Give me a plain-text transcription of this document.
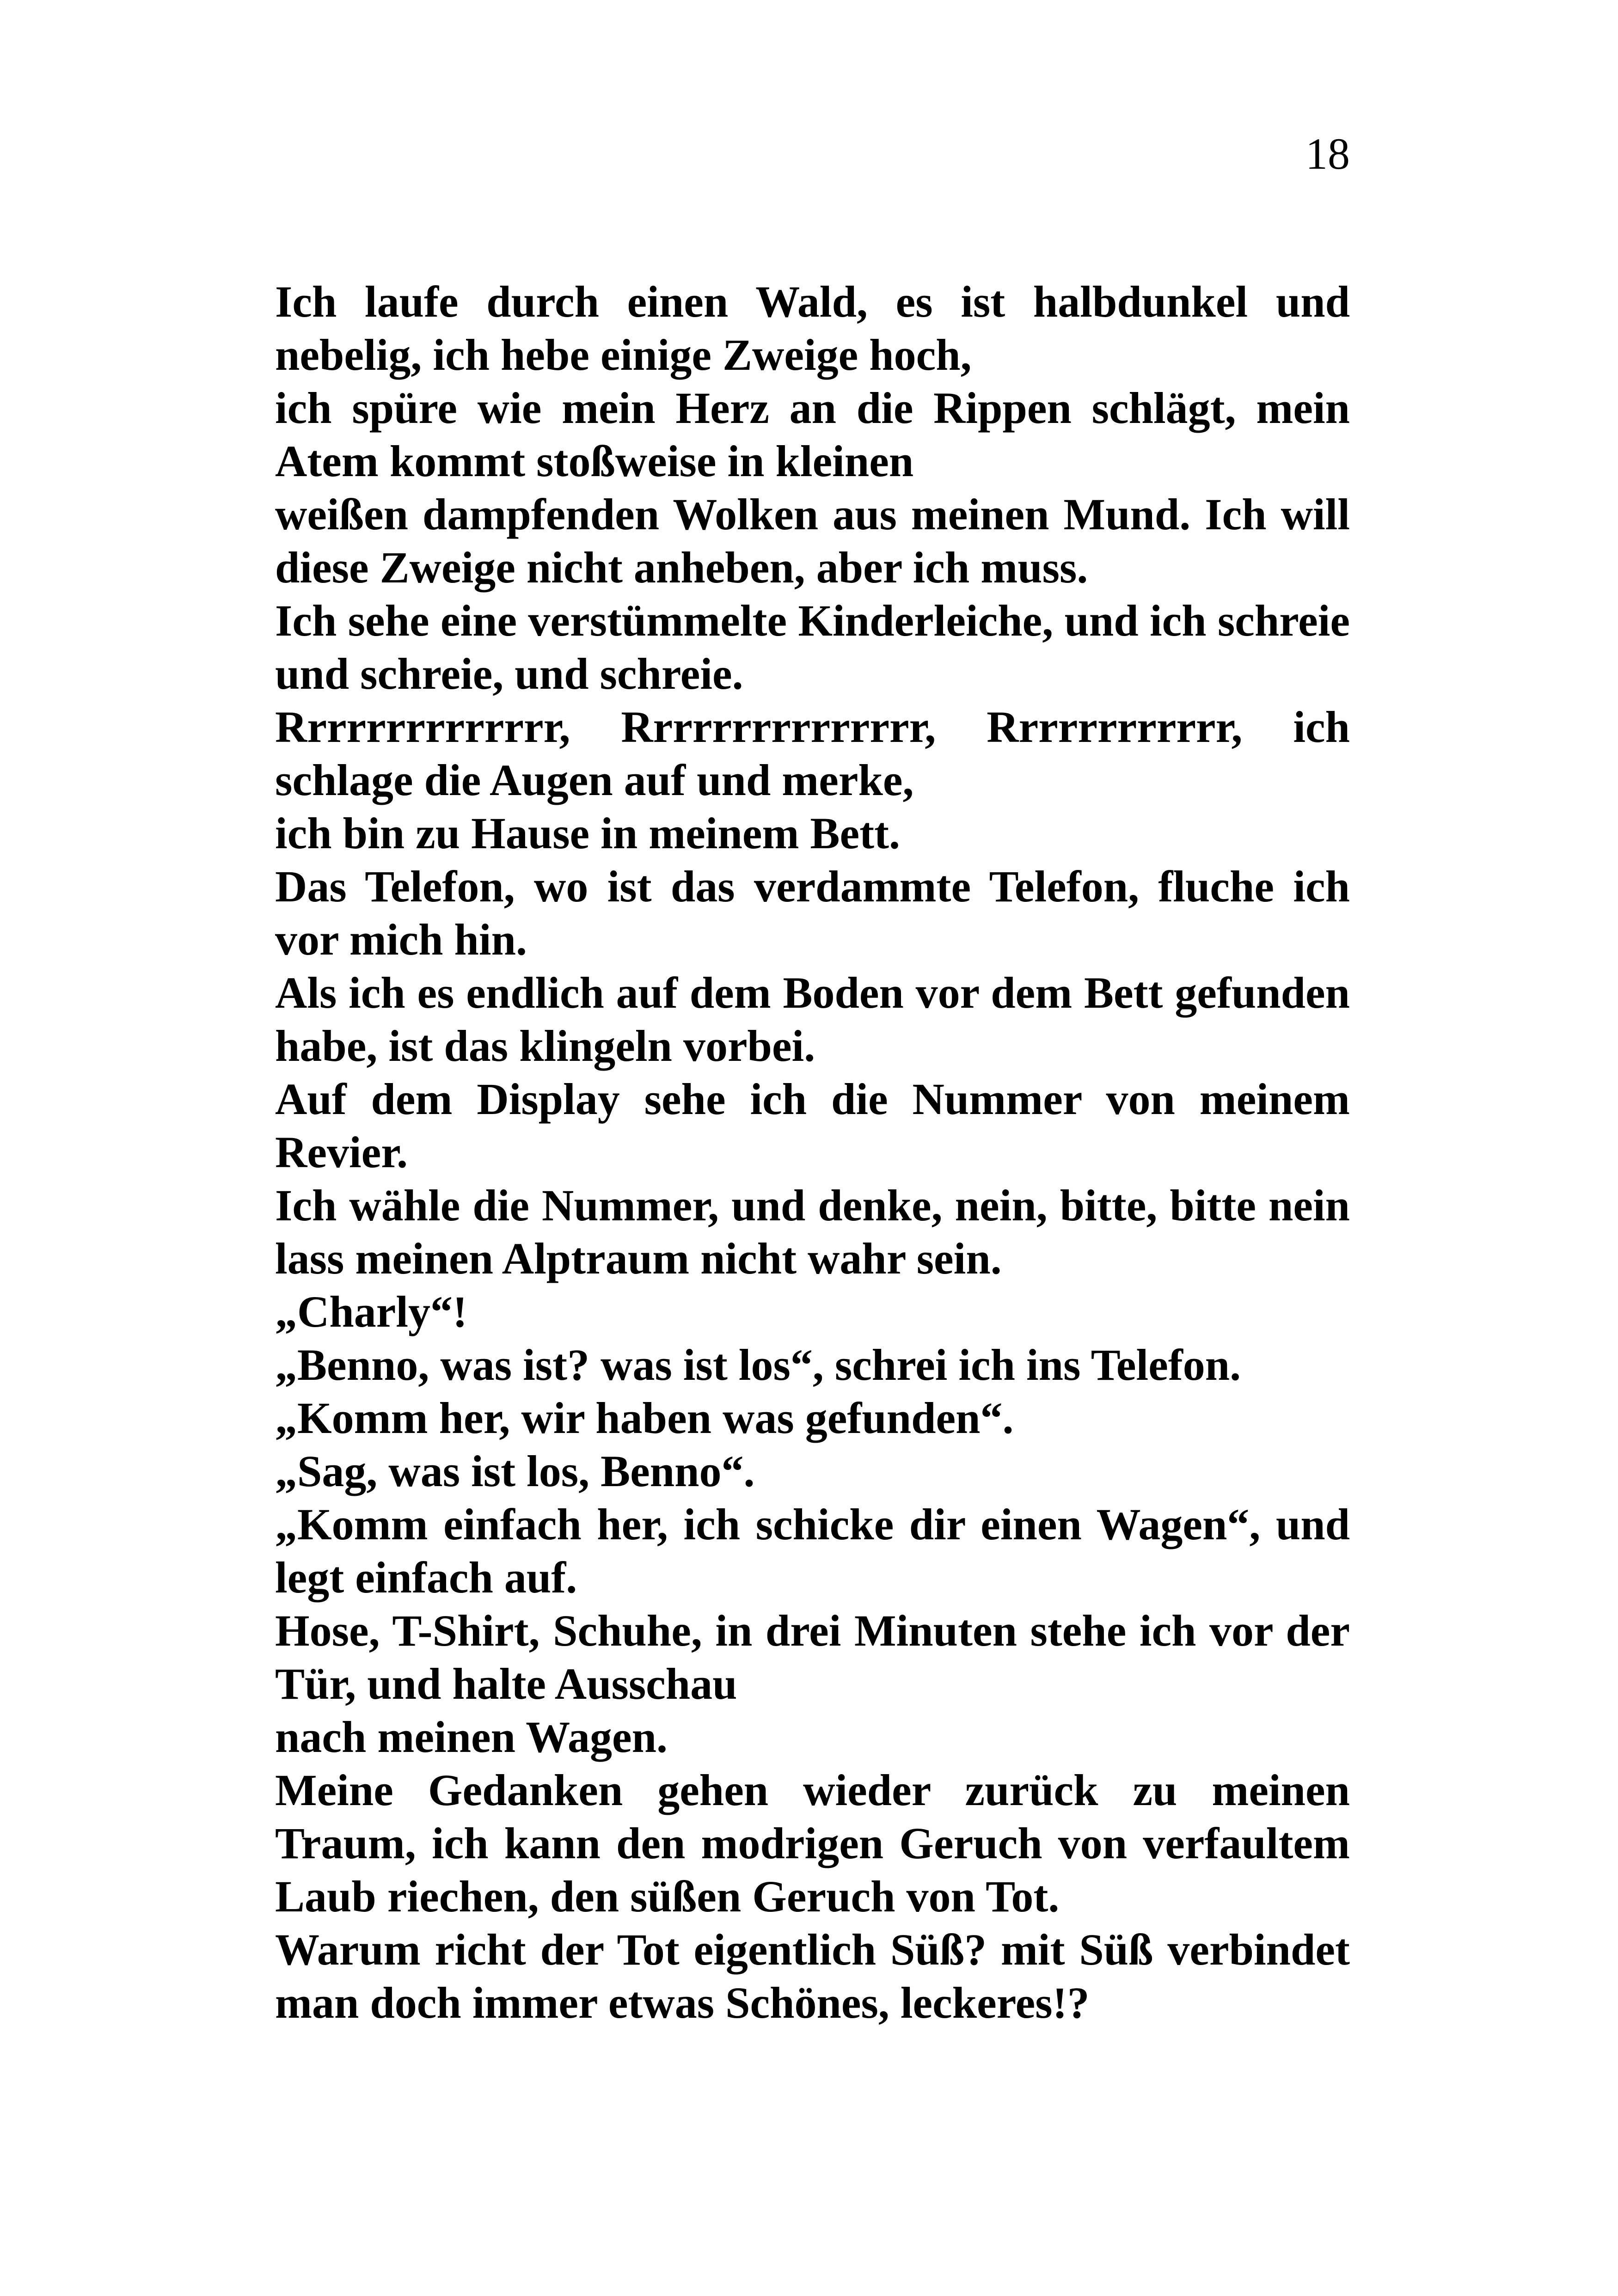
18

Ich laufe durch einen Wald, es ist halbdunkel und nebelig, ich hebe einige Zweige hoch,

ich spüre wie mein Herz an die Rippen schlägt, mein Atem kommt stoßweise in kleinen

weißen dampfenden Wolken aus meinen Mund. Ich will diese Zweige nicht anheben, aber ich muss.

Ich sehe eine verstümmelte Kinderleiche, und ich schreie und schreie, und schreie.

Rrrrrrrrrrrrrr, Rrrrrrrrrrrrrrr, Rrrrrrrrrrrr, ich schlage die Augen auf und merke,

ich bin zu Hause in meinem Bett.

Das Telefon, wo ist das verdammte Telefon, fluche ich vor mich hin.

Als ich es endlich auf dem Boden vor dem Bett gefunden habe, ist das klingeln vorbei.

Auf dem Display sehe ich die Nummer von meinem Revier.

Ich wähle die Nummer, und denke, nein, bitte, bitte nein lass meinen Alptraum nicht wahr sein.

„Charly“!

„Benno, was ist? was ist los“, schrei ich ins Telefon.

„Komm her, wir haben was gefunden“.

„Sag, was ist los, Benno“.

„Komm einfach her, ich schicke dir einen Wagen“, und legt einfach auf.

Hose, T-Shirt, Schuhe, in drei Minuten stehe ich vor der Tür, und halte Ausschau

nach meinen Wagen.

Meine Gedanken gehen wieder zurück zu meinen Traum, ich kann den modrigen Geruch von verfaultem Laub riechen, den süßen Geruch von Tot.

Warum richt der Tot eigentlich Süß? mit Süß verbindet man doch immer etwas Schönes, leckeres!?
